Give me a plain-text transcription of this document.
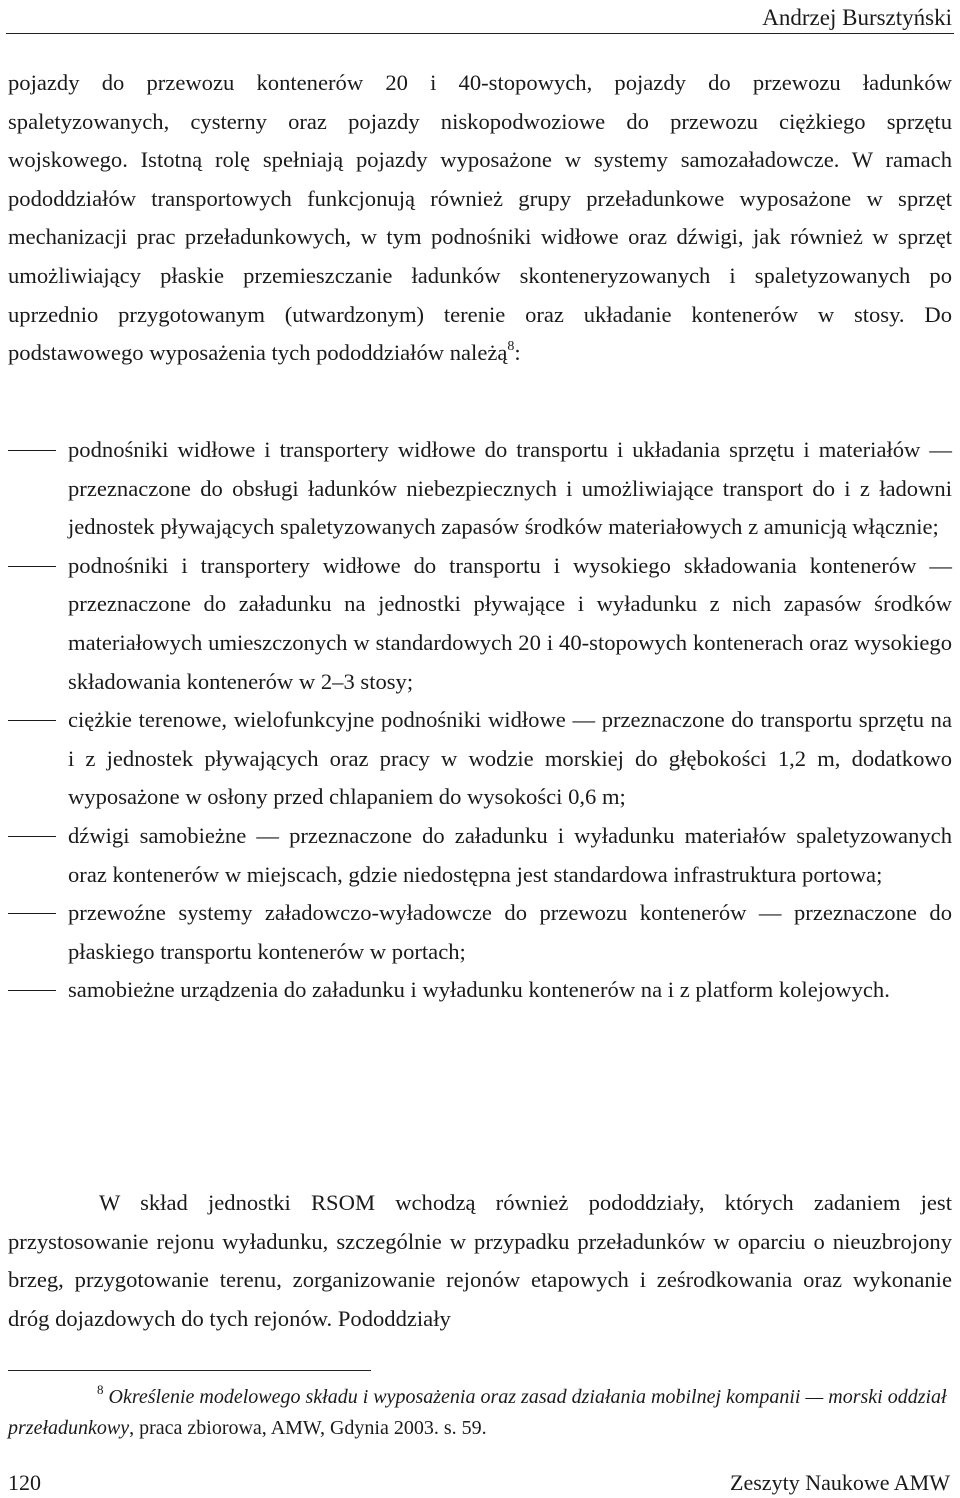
Andrzej Bursztyński

pojazdy do przewozu kontenerów 20 i 40-stopowych, pojazdy do przewozu ładunków spaletyzowanych, cysterny oraz pojazdy niskopodwoziowe do przewozu ciężkiego sprzętu wojskowego. Istotną rolę spełniają pojazdy wyposażone w systemy samozaładowcze. W ramach pododdziałów transportowych funkcjonują również grupy przeładunkowe wyposażone w sprzęt mechanizacji prac przeładunkowych, w tym podnośniki widłowe oraz dźwigi, jak również w sprzęt umożliwiający płaskie przemieszczanie ładunków skonteneryzowanych i spaletyzowanych po uprzednio przygotowanym (utwardzonym) terenie oraz układanie kontenerów w stosy. Do podstawowego wyposażenia tych pododdziałów należą$^8$:

podnośniki widłowe i transportery widłowe do transportu i układania sprzętu i materiałów — przeznaczone do obsługi ładunków niebezpiecznych i umożliwiające transport do i z ładowni jednostek pływających spaletyzowanych zapasów środków materiałowych z amunicją włącznie;
podnośniki i transportery widłowe do transportu i wysokiego składowania kontenerów — przeznaczone do załadunku na jednostki pływające i wyładunku z nich zapasów środków materiałowych umieszczonych w standardowych 20 i 40-stopowych kontenerach oraz wysokiego składowania kontenerów w 2–3 stosy;
ciężkie terenowe, wielofunkcyjne podnośniki widłowe — przeznaczone do transportu sprzętu na i z jednostek pływających oraz pracy w wodzie morskiej do głębokości 1,2 m, dodatkowo wyposażone w osłony przed chlapaniem do wysokości 0,6 m;
dźwigi samobieżne — przeznaczone do załadunku i wyładunku materiałów spaletyzowanych oraz kontenerów w miejscach, gdzie niedostępna jest standardowa infrastruktura portowa;
przewoźne systemy załadowczo-wyładowcze do przewozu kontenerów — przeznaczone do płaskiego transportu kontenerów w portach;
samobieżne urządzenia do załadunku i wyładunku kontenerów na i z platform kolejowych.

W skład jednostki RSOM wchodzą również pododdziały, których zadaniem jest przystosowanie rejonu wyładunku, szczególnie w przypadku przeładunków w oparciu o nieuzbrojony brzeg, przygotowanie terenu, zorganizowanie rejonów etapowych i ześrodkowania oraz wykonanie dróg dojazdowych do tych rejonów. Pododdziały

$^8$ Określenie modelowego składu i wyposażenia oraz zasad działania mobilnej kompanii — morski oddział przeładunkowy, praca zbiorowa, AMW, Gdynia 2003. s. 59.

120	Zeszyty Naukowe AMW
